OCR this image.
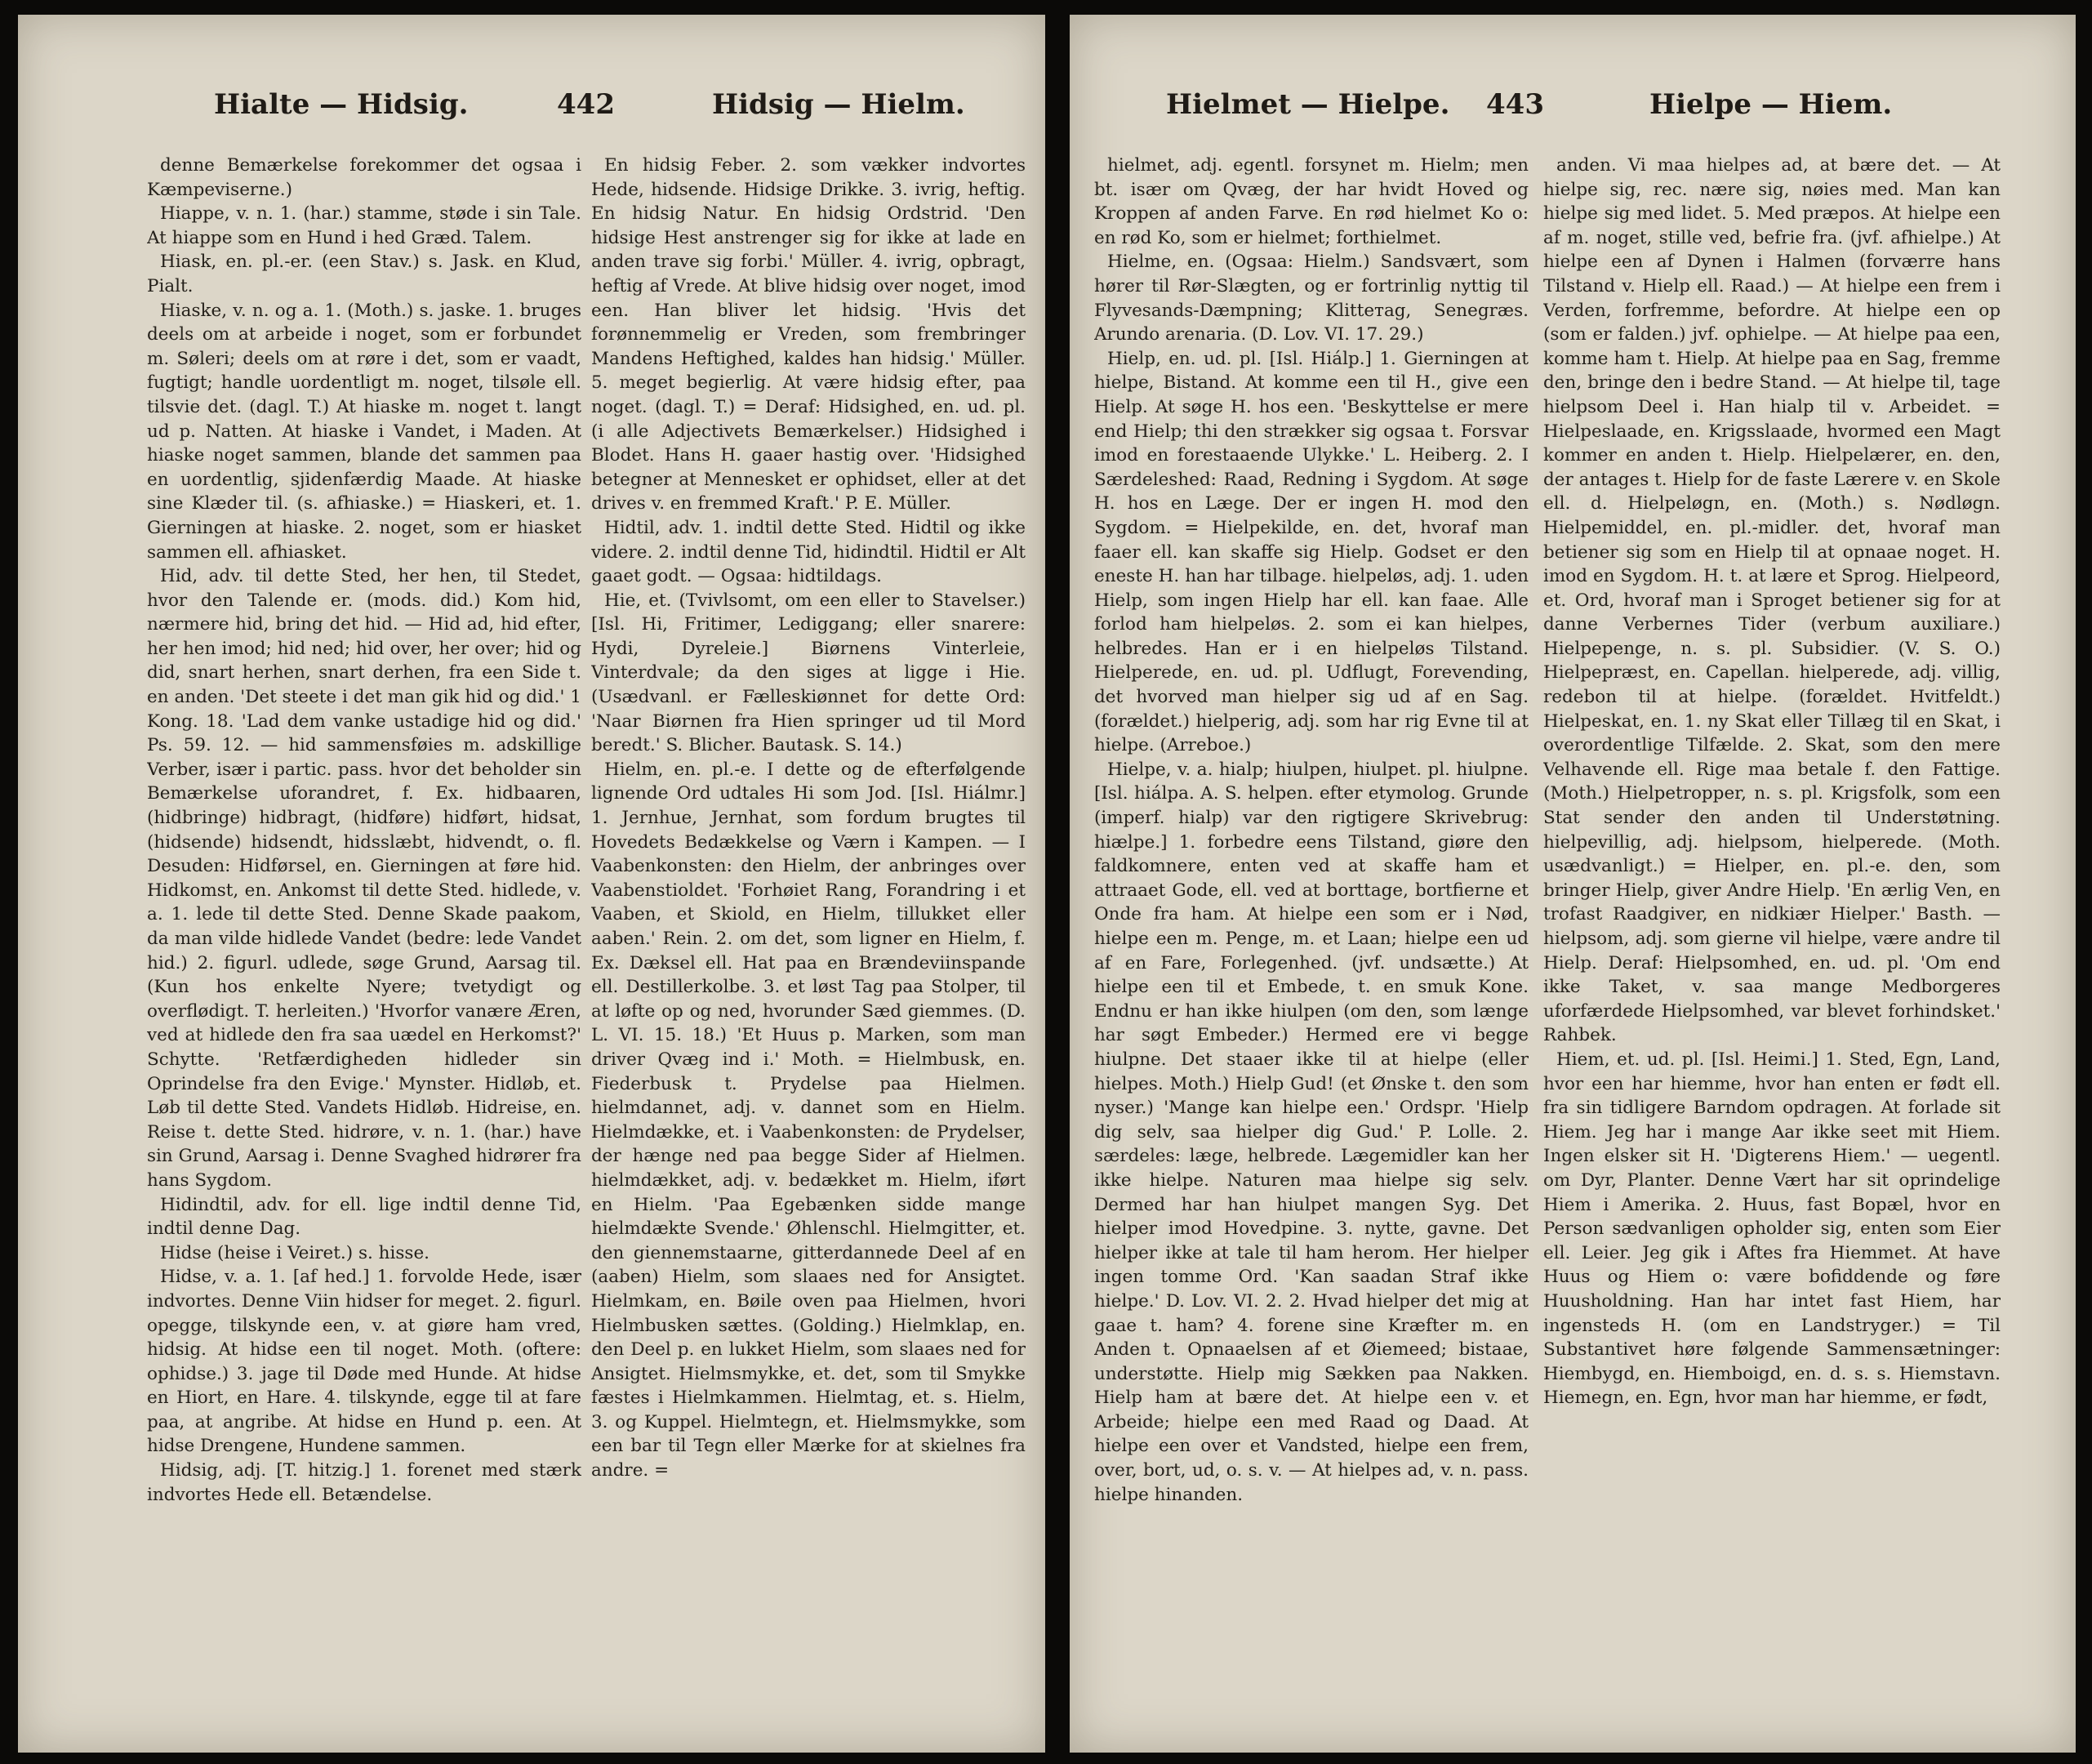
Hialte — Hidsig.	442	Hidsig — Hielm.

denne Bemærkelse forekommer det ogsaa i Kæmpeviserne.)

Hiappe, v. n. 1. (har.) stamme, støde i sin Tale. At hiappe som en Hund i hed Græd. Talem.

Hiask, en. pl.-er. (een Stav.) s. Jask. en Klud, Pialt.

Hiaske, v. n. og a. 1. (Moth.) s. jaske. 1. bruges deels om at arbeide i noget, som er forbundet m. Søleri; deels om at røre i det, som er vaadt, fugtigt; handle uordentligt m. noget, tilsøle ell. tilsvie det. (dagl. T.) At hiaske m. noget t. langt ud p. Natten. At hiaske i Vandet, i Maden. At hiaske noget sammen, blande det sammen paa en uordentlig, sjidenfærdig Maade. At hiaske sine Klæder til. (s. afhiaske.) = Hiaskeri, et. 1. Gierningen at hiaske. 2. noget, som er hiasket sammen ell. afhiasket.

Hid, adv. til dette Sted, her hen, til Stedet, hvor den Talende er. (mods. did.) Kom hid, nærmere hid, bring det hid. — Hid ad, hid efter, her hen imod; hid ned; hid over, her over; hid og did, snart herhen, snart derhen, fra een Side t. en anden. 'Det steete i det man gik hid og did.' 1 Kong. 18. 'Lad dem vanke ustadige hid og did.' Ps. 59. 12. — hid sammensføies m. adskillige Verber, især i partic. pass. hvor det beholder sin Bemærkelse uforandret, f. Ex. hidbaaren, (hidbringe) hidbragt, (hidføre) hidført, hidsat, (hidsende) hidsendt, hidsslæbt, hidvendt, o. fl. Desuden: Hidførsel, en. Gierningen at føre hid. Hidkomst, en. Ankomst til dette Sted. hidlede, v. a. 1. lede til dette Sted. Denne Skade paakom, da man vilde hidlede Vandet (bedre: lede Vandet hid.) 2. figurl. udlede, søge Grund, Aarsag til. (Kun hos enkelte Nyere; tvetydigt og overflødigt. T. herleiten.) 'Hvorfor vanære Æren, ved at hidlede den fra saa uædel en Herkomst?' Schytte. 'Retfærdigheden hidleder sin Oprindelse fra den Evige.' Mynster. Hidløb, et. Løb til dette Sted. Vandets Hidløb. Hidreise, en. Reise t. dette Sted. hidrøre, v. n. 1. (har.) have sin Grund, Aarsag i. Denne Svaghed hidrører fra hans Sygdom.

Hidindtil, adv. for ell. lige indtil denne Tid, indtil denne Dag.

Hidse (heise i Veiret.) s. hisse.

Hidse, v. a. 1. [af hed.] 1. forvolde Hede, især indvortes. Denne Viin hidser for meget. 2. figurl. opegge, tilskynde een, v. at giøre ham vred, hidsig. At hidse een til noget. Moth. (oftere: ophidse.) 3. jage til Døde med Hunde. At hidse en Hiort, en Hare. 4. tilskynde, egge til at fare paa, at angribe. At hidse en Hund p. een. At hidse Drengene, Hundene sammen.

Hidsig, adj. [T. hitzig.] 1. forenet med stærk indvortes Hede ell. Betændelse.

En hidsig Feber. 2. som vækker indvortes Hede, hidsende. Hidsige Drikke. 3. ivrig, heftig. En hidsig Natur. En hidsig Ordstrid. 'Den hidsige Hest anstrenger sig for ikke at lade en anden trave sig forbi.' Müller. 4. ivrig, opbragt, heftig af Vrede. At blive hidsig over noget, imod een. Han bliver let hidsig. 'Hvis det forønnemmelig er Vreden, som frembringer Mandens Heftighed, kaldes han hidsig.' Müller. 5. meget begierlig. At være hidsig efter, paa noget. (dagl. T.) = Deraf: Hidsighed, en. ud. pl. (i alle Adjectivets Bemærkelser.) Hidsighed i Blodet. Hans H. gaaer hastig over. 'Hidsighed betegner at Mennesket er ophidset, eller at det drives v. en fremmed Kraft.' P. E. Müller.

Hidtil, adv. 1. indtil dette Sted. Hidtil og ikke videre. 2. indtil denne Tid, hidindtil. Hidtil er Alt gaaet godt. — Ogsaa: hidtildags.

Hie, et. (Tvivlsomt, om een eller to Stavelser.) [Isl. Hi, Fritimer, Lediggang; eller snarere: Hydi, Dyreleie.] Biørnens Vinterleie, Vinterdvale; da den siges at ligge i Hie. (Usædvanl. er Fælleskiønnet for dette Ord: 'Naar Biørnen fra Hien springer ud til Mord beredt.' S. Blicher. Bautask. S. 14.)

Hielm, en. pl.-e. I dette og de efterfølgende lignende Ord udtales Hi som Jod. [Isl. Hiálmr.] 1. Jernhue, Jernhat, som fordum brugtes til Hovedets Bedækkelse og Værn i Kampen. — I Vaabenkonsten: den Hielm, der anbringes over Vaabenstioldet. 'Forhøiet Rang, Forandring i et Vaaben, et Skiold, en Hielm, tillukket eller aaben.' Rein. 2. om det, som ligner en Hielm, f. Ex. Dæksel ell. Hat paa en Brændeviinspande ell. Destillerkolbe. 3. et løst Tag paa Stolper, til at løfte op og ned, hvorunder Sæd giemmes. (D. L. VI. 15. 18.) 'Et Huus p. Marken, som man driver Qvæg ind i.' Moth. = Hielmbusk, en. Fiederbusk t. Prydelse paa Hielmen. hielmdannet, adj. v. dannet som en Hielm. Hielmdække, et. i Vaabenkonsten: de Prydelser, der hænge ned paa begge Sider af Hielmen. hielmdækket, adj. v. bedækket m. Hielm, iført en Hielm. 'Paa Egebænken sidde mange hielmdækte Svende.' Øhlenschl. Hielmgitter, et. den giennemstaarne, gitterdannede Deel af en (aaben) Hielm, som slaaes ned for Ansigtet. Hielmkam, en. Bøile oven paa Hielmen, hvori Hielmbusken sættes. (Golding.) Hielmklap, en. den Deel p. en lukket Hielm, som slaaes ned for Ansigtet. Hielmsmykke, et. det, som til Smykke fæstes i Hielmkammen. Hielmtag, et. s. Hielm, 3. og Kuppel. Hielmtegn, et. Hielmsmykke, som een bar til Tegn eller Mærke for at skielnes fra andre. =

Hielmet — Hielpe. 443	Hielpe — Hiem.

hielmet, adj. egentl. forsynet m. Hielm; men bt. især om Qvæg, der har hvidt Hoved og Kroppen af anden Farve. En rød hielmet Ko o: en rød Ko, som er hielmet; forthielmet.

Hielme, en. (Ogsaa: Hielm.) Sandsvært, som hører til Rør-Slægten, og er fortrinlig nyttig til Flyvesands-Dæmpning; Klitteтag, Senegræs. Arundo arenaria. (D. Lov. VI. 17. 29.)

Hielp, en. ud. pl. [Isl. Hiálp.] 1. Gierningen at hielpe, Bistand. At komme een til H., give een Hielp. At søge H. hos een. 'Beskyttelse er mere end Hielp; thi den strækker sig ogsaa t. Forsvar imod en forestaaende Ulykke.' L. Heiberg. 2. I Særdeleshed: Raad, Redning i Sygdom. At søge H. hos en Læge. Der er ingen H. mod den Sygdom. = Hielpekilde, en. det, hvoraf man faaer ell. kan skaffe sig Hielp. Godset er den eneste H. han har tilbage. hielpeløs, adj. 1. uden Hielp, som ingen Hielp har ell. kan faae. Alle forlod ham hielpeløs. 2. som ei kan hielpes, helbredes. Han er i en hielpeløs Tilstand. Hielperede, en. ud. pl. Udflugt, Forevending, det hvorved man hielper sig ud af en Sag. (forældet.) hielperig, adj. som har rig Evne til at hielpe. (Arreboe.)

Hielpe, v. a. hialp; hiulpen, hiulpet. pl. hiulpne. [Isl. hiálpa. A. S. helpen. efter etymolog. Grunde (imperf. hialp) var den rigtigere Skrivebrug: hiælpe.] 1. forbedre eens Tilstand, giøre den faldkomnere, enten ved at skaffe ham et attraaet Gode, ell. ved at borttage, bortfierne et Onde fra ham. At hielpe een som er i Nød, hielpe een m. Penge, m. et Laan; hielpe een ud af en Fare, Forlegenhed. (jvf. undsætte.) At hielpe een til et Embede, t. en smuk Kone. Endnu er han ikke hiulpen (om den, som længe har søgt Embeder.) Hermed ere vi begge hiulpne. Det staaer ikke til at hielpe (eller hielpes. Moth.) Hielp Gud! (et Ønske t. den som nyser.) 'Mange kan hielpe een.' Ordspr. 'Hielp dig selv, saa hielper dig Gud.' P. Lolle. 2. særdeles: læge, helbrede. Lægemidler kan her ikke hielpe. Naturen maa hielpe sig selv. Dermed har han hiulpet mangen Syg. Det hielper imod Hovedpine. 3. nytte, gavne. Det hielper ikke at tale til ham herom. Her hielper ingen tomme Ord. 'Kan saadan Straf ikke hielpe.' D. Lov. VI. 2. 2. Hvad hielper det mig at gaae t. ham? 4. forene sine Kræfter m. en Anden t. Opnaaelsen af et Øiemeed; bistaae, understøtte. Hielp mig Sækken paa Nakken. Hielp ham at bære det. At hielpe een v. et Arbeide; hielpe een med Raad og Daad. At hielpe een over et Vandsted, hielpe een frem, over, bort, ud, o. s. v. — At hielpes ad, v. n. pass. hielpe hinanden.

anden. Vi maa hielpes ad, at bære det. — At hielpe sig, rec. nære sig, nøies med. Man kan hielpe sig med lidet. 5. Med præpos. At hielpe een af m. noget, stille ved, befrie fra. (jvf. afhielpe.) At hielpe een af Dynen i Halmen (forværre hans Tilstand v. Hielp ell. Raad.) — At hielpe een frem i Verden, forfremme, befordre. At hielpe een op (som er falden.) jvf. ophielpe. — At hielpe paa een, komme ham t. Hielp. At hielpe paa en Sag, fremme den, bringe den i bedre Stand. — At hielpe til, tage hielpsom Deel i. Han hialp til v. Arbeidet. = Hielpeslaade, en. Krigsslaade, hvormed een Magt kommer en anden t. Hielp. Hielpelærer, en. den, der antages t. Hielp for de faste Lærere v. en Skole ell. d. Hielpeløgn, en. (Moth.) s. Nødløgn. Hielpemiddel, en. pl.-midler. det, hvoraf man betiener sig som en Hielp til at opnaae noget. H. imod en Sygdom. H. t. at lære et Sprog. Hielpeord, et. Ord, hvoraf man i Sproget betiener sig for at danne Verbernes Tider (verbum auxiliare.) Hielpepenge, n. s. pl. Subsidier. (V. S. O.) Hielpepræst, en. Capellan. hielperede, adj. villig, redebon til at hielpe. (forældet. Hvitfeldt.) Hielpeskat, en. 1. ny Skat eller Tillæg til en Skat, i overordentlige Tilfælde. 2. Skat, som den mere Velhavende ell. Rige maa betale f. den Fattige. (Moth.) Hielpetropper, n. s. pl. Krigsfolk, som een Stat sender den anden til Understøtning. hielpevillig, adj. hielpsom, hielperede. (Moth. usædvanligt.) = Hielper, en. pl.-e. den, som bringer Hielp, giver Andre Hielp. 'En ærlig Ven, en trofast Raadgiver, en nidkiær Hielper.' Basth. — hielpsom, adj. som gierne vil hielpe, være andre til Hielp. Deraf: Hielpsomhed, en. ud. pl. 'Om end ikke Taket, v. saa mange Medborgeres uforfærdede Hielpsomhed, var blevet forhindsket.' Rahbek.

Hiem, et. ud. pl. [Isl. Heimi.] 1. Sted, Egn, Land, hvor een har hiemme, hvor han enten er født ell. fra sin tidligere Barndom opdragen. At forlade sit Hiem. Jeg har i mange Aar ikke seet mit Hiem. Ingen elsker sit H. 'Digterens Hiem.' — uegentl. om Dyr, Planter. Denne Vært har sit oprindelige Hiem i Amerika. 2. Huus, fast Bopæl, hvor en Person sædvanligen opholder sig, enten som Eier ell. Leier. Jeg gik i Aftes fra Hiemmet. At have Huus og Hiem o: være bofiddende og føre Huusholdning. Han har intet fast Hiem, har ingensteds H. (om en Landstryger.) = Til Substantivet høre følgende Sammensætninger: Hiembygd, en. Hiemboigd, en. d. s. s. Hiemstavn. Hiemegn, en. Egn, hvor man har hiemme, er født,
